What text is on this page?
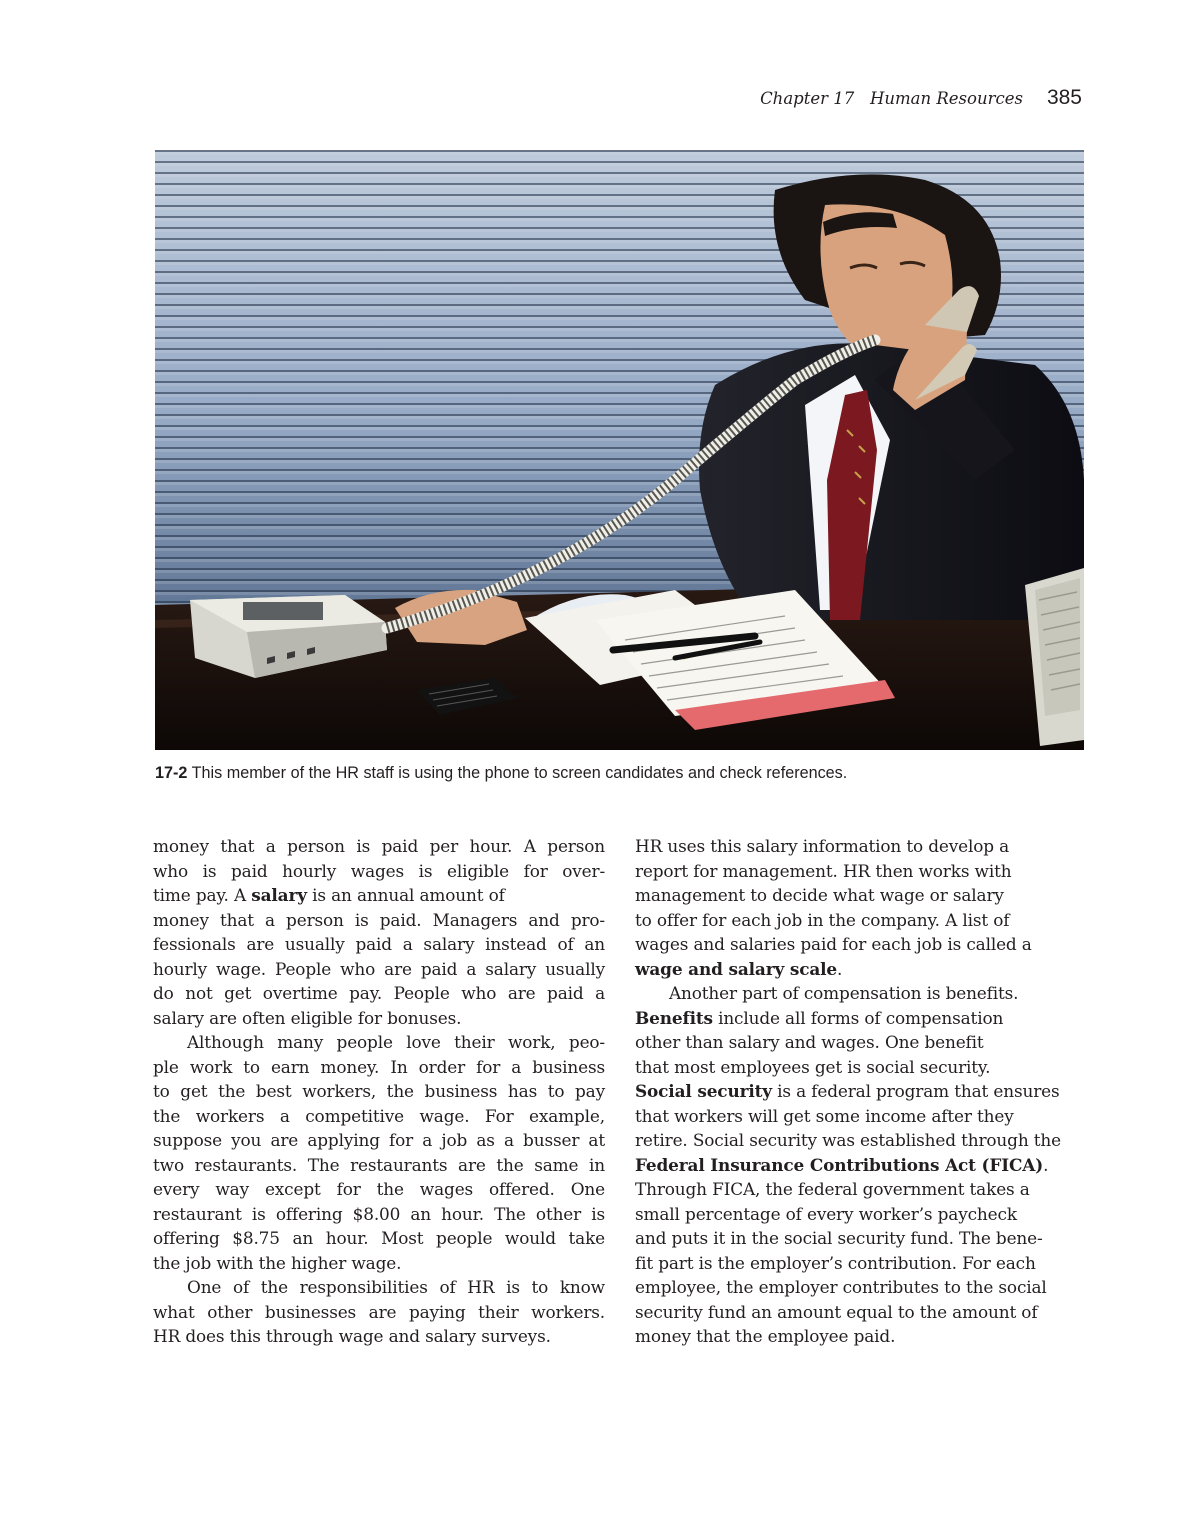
Chapter 17 Human Resources 385
17-2 This member of the HR staff is using the phone to screen candidates and check references.

money that a person is paid per hour. A person
who is paid hourly wages is eligible for over-
time pay. A salary is an annual amount of
money that a person is paid. Managers and pro-
fessionals are usually paid a salary instead of an
hourly wage. People who are paid a salary usually
do not get overtime pay. People who are paid a
salary are often eligible for bonuses.

Although many people love their work, peo-
ple work to earn money. In order for a business
to get the best workers, the business has to pay
the workers a competitive wage. For example,
suppose you are applying for a job as a busser at
two restaurants. The restaurants are the same in
every way except for the wages offered. One
restaurant is offering $8.00 an hour. The other is
offering $8.75 an hour. Most people would take
the job with the higher wage.

One of the responsibilities of HR is to know
what other businesses are paying their workers.
HR does this through wage and salary surveys.

HR uses this salary information to develop a
report for management. HR then works with
management to decide what wage or salary
to offer for each job in the company. A list of
wages and salaries paid for each job is called a
wage and salary scale.

Another part of compensation is benefits.
Benefits include all forms of compensation
other than salary and wages. One benefit
that most employees get is social security.
Social security is a federal program that ensures
that workers will get some income after they
retire. Social security was established through the
Federal Insurance Contributions Act (FICA).
Through FICA, the federal government takes a
small percentage of every worker’s paycheck
and puts it in the social security fund. The bene-
fit part is the employer’s contribution. For each
employee, the employer contributes to the social
security fund an amount equal to the amount of
money that the employee paid.
